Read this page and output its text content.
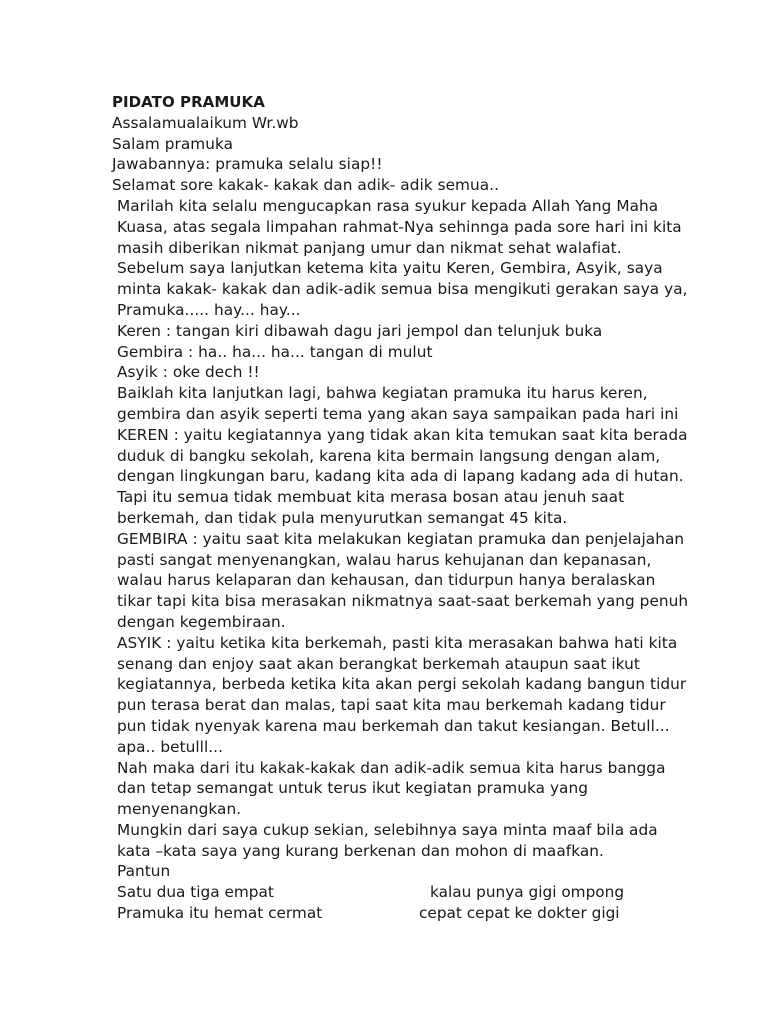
PIDATO PRAMUKA
Assalamualaikum Wr.wb
Salam pramuka
Jawabannya: pramuka selalu siap!!
Selamat sore kakak- kakak dan adik- adik semua..
Marilah kita selalu mengucapkan rasa syukur kepada Allah Yang Maha
Kuasa, atas segala limpahan rahmat-Nya sehinnga pada sore hari ini kita
masih diberikan nikmat panjang umur dan nikmat sehat walafiat.
Sebelum saya lanjutkan ketema kita yaitu Keren, Gembira, Asyik, saya
minta kakak- kakak dan adik-adik semua bisa mengikuti gerakan saya ya,
Pramuka..... hay... hay...
Keren : tangan kiri dibawah dagu jari jempol dan telunjuk buka
Gembira : ha.. ha... ha... tangan di mulut
Asyik : oke dech !!
Baiklah kita lanjutkan lagi, bahwa kegiatan pramuka itu harus keren,
gembira dan asyik seperti tema yang akan saya sampaikan pada hari ini
KEREN : yaitu kegiatannya yang tidak akan kita temukan saat kita berada
duduk di bangku sekolah, karena kita bermain langsung dengan alam,
dengan lingkungan baru, kadang kita ada di lapang kadang ada di hutan.
Tapi itu semua tidak membuat kita merasa bosan atau jenuh saat
berkemah, dan tidak pula menyurutkan semangat 45 kita.
GEMBIRA : yaitu saat kita melakukan kegiatan pramuka dan penjelajahan
pasti sangat menyenangkan, walau harus kehujanan dan kepanasan,
walau harus kelaparan dan kehausan, dan tidurpun hanya beralaskan
tikar tapi kita bisa merasakan nikmatnya saat-saat berkemah yang penuh
dengan kegembiraan.
ASYIK : yaitu ketika kita berkemah, pasti kita merasakan bahwa hati kita
senang dan enjoy saat akan berangkat berkemah ataupun saat ikut
kegiatannya, berbeda ketika kita akan pergi sekolah kadang bangun tidur
pun terasa berat dan malas, tapi saat kita mau berkemah kadang tidur
pun tidak nyenyak karena mau berkemah dan takut kesiangan. Betull...
apa.. betulll...
Nah maka dari itu kakak-kakak dan adik-adik semua kita harus bangga
dan tetap semangat untuk terus ikut kegiatan pramuka yang
menyenangkan.
Mungkin dari saya cukup sekian, selebihnya saya minta maaf bila ada
kata –kata saya yang kurang berkenan dan mohon di maafkan.
Pantun
Satu dua tiga empat	kalau punya gigi ompong
Pramuka itu hemat cermat	cepat cepat ke dokter gigi
